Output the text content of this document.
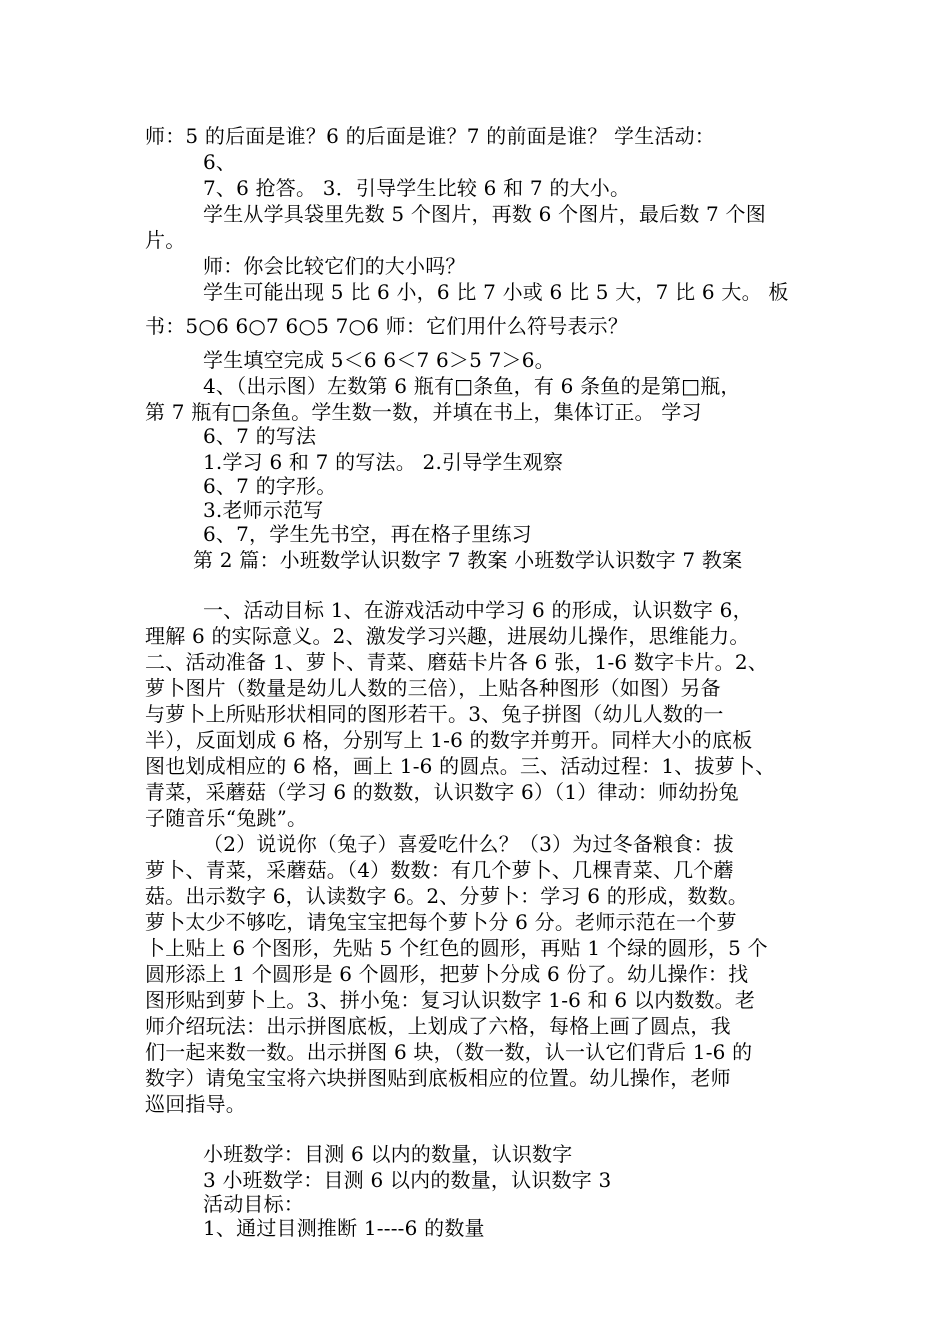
师：5 的后面是谁？6 的后面是谁？7 的前面是谁？ 学生活动：
6、
7、6 抢答。 3．引导学生比较 6 和 7 的大小。
学生从学具袋里先数 5 个图片，再数 6 个图片，最后数 7 个图
片。
师：你会比较它们的大小吗？
学生可能出现 5 比 6 小，6 比 7 小或 6 比 5 大，7 比 6 大。 板
书：5○6 6○7 6○5 7○6 师：它们用什么符号表示？
学生填空完成 5＜6 6＜7 6＞5 7＞6。
4、（出示图）左数第 6 瓶有□条鱼，有 6 条鱼的是第□瓶，
第 7 瓶有□条鱼。学生数一数，并填在书上，集体订正。 学习
6、7 的写法
1.学习 6 和 7 的写法。 2.引导学生观察
6、7 的字形。
3.老师示范写
6、7，学生先书空，再在格子里练习
第 2 篇：小班数学认识数字 7 教案 小班数学认识数字 7 教案
一、活动目标 1、在游戏活动中学习 6 的形成，认识数字 6，
理解 6 的实际意义。2、激发学习兴趣，进展幼儿操作，思维能力。
二、活动准备 1、萝卜、青菜、磨菇卡片各 6 张，1-6 数字卡片。2、
萝卜图片（数量是幼儿人数的三倍），上贴各种图形（如图）另备
与萝卜上所贴形状相同的图形若干。3、兔子拼图（幼儿人数的一
半），反面划成 6 格，分别写上 1-6 的数字并剪开。同样大小的底板
图也划成相应的 6 格，画上 1-6 的圆点。三、活动过程：1、拔萝卜、
青菜，采蘑菇（学习 6 的数数，认识数字 6）（1）律动：师幼扮兔
子随音乐“兔跳”。
（2）说说你（兔子）喜爱吃什么？（3）为过冬备粮食：拔
萝卜、青菜，采蘑菇。（4）数数：有几个萝卜、几棵青菜、几个蘑
菇。出示数字 6，认读数字 6。2、分萝卜：学习 6 的形成，数数。
萝卜太少不够吃，请兔宝宝把每个萝卜分 6 分。老师示范在一个萝
卜上贴上 6 个图形，先贴 5 个红色的圆形，再贴 1 个绿的圆形，5 个
圆形添上 1 个圆形是 6 个圆形，把萝卜分成 6 份了。幼儿操作：找
图形贴到萝卜上。3、拼小兔：复习认识数字 1-6 和 6 以内数数。老
师介绍玩法：出示拼图底板，上划成了六格，每格上画了圆点，我
们一起来数一数。出示拼图 6 块，（数一数，认一认它们背后 1-6 的
数字）请兔宝宝将六块拼图贴到底板相应的位置。幼儿操作，老师
巡回指导。
小班数学：目测 6 以内的数量，认识数字
3 小班数学：目测 6 以内的数量，认识数字 3
活动目标：
1、通过目测推断 1----6 的数量
